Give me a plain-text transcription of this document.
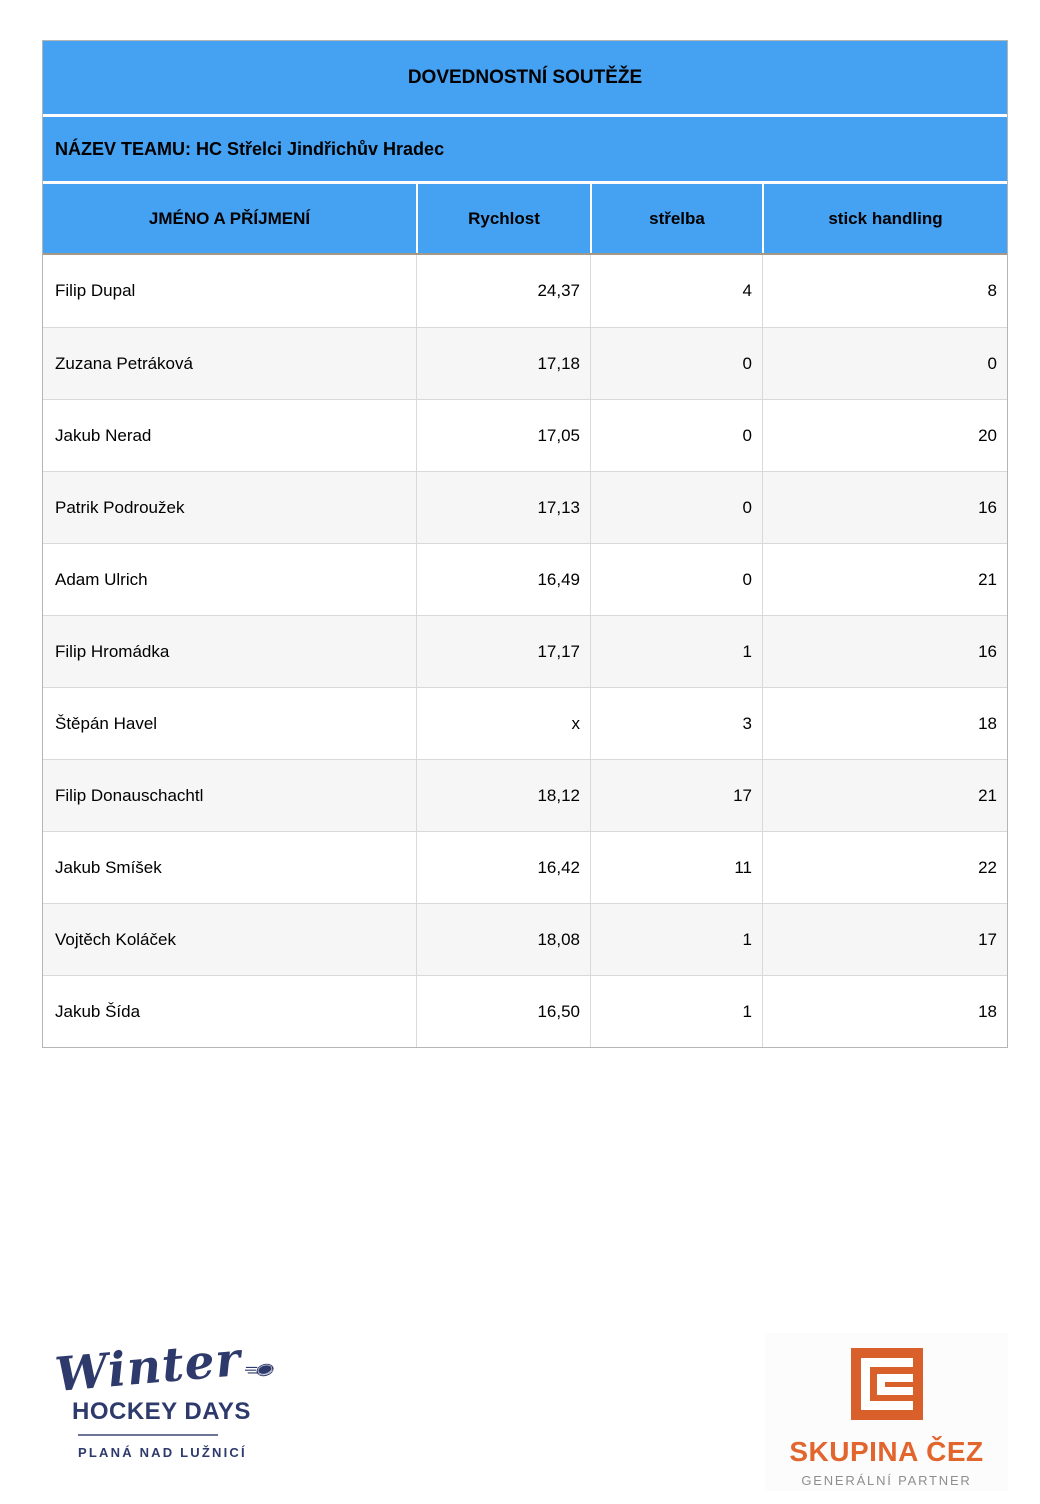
DOVEDNOSTNÍ SOUTĚŽE
NÁZEV TEAMU: HC Střelci Jindřichův Hradec
JMÉNO A PŘÍJMENÍ	Rychlost	střelba	stick handling
Filip Dupal	24,37	4	8
Zuzana Petráková	17,18	0	0
Jakub Nerad	17,05	0	20
Patrik Podroužek	17,13	0	16
Adam Ulrich	16,49	0	21
Filip Hromádka	17,17	1	16
Štěpán Havel	x	3	18
Filip Donauschachtl	18,12	17	21
Jakub Smíšek	16,42	11	22
Vojtěch Koláček	18,08	1	17
Jakub Šída	16,50	1	18
Winter
HOCKEY DAYS
PLANÁ NAD LUŽNICÍ	SKUPINA ČEZ
GENERÁLNÍ PARTNER
